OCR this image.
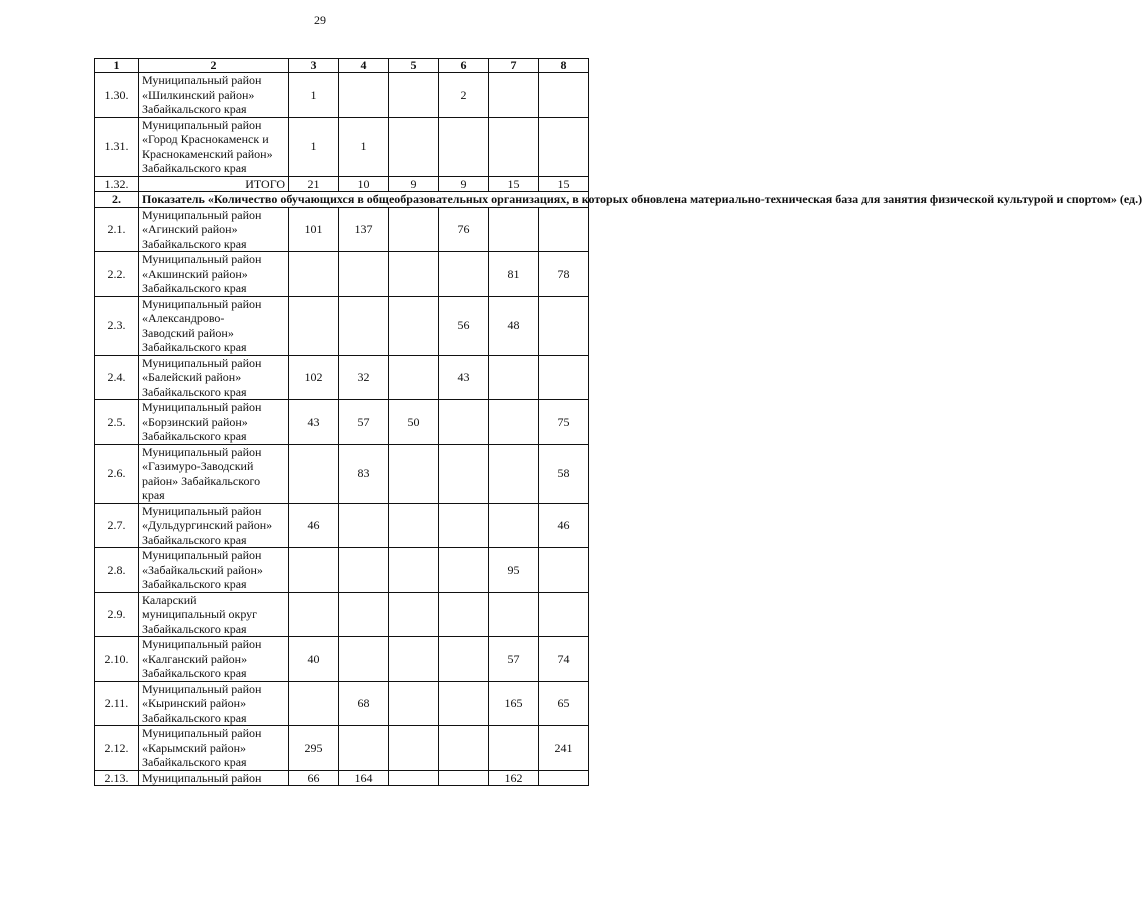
29
1	2	3	4	5	6	7	8
1.30.	Муниципальный район
«Шилкинский район»
Забайкальского края	1			2		
1.31.	Муниципальный район
«Город Краснокаменск и
Краснокаменский район»
Забайкальского края	1	1				
1.32.	ИТОГО	21	10	9	9	15	15
2.	Показатель «Количество обучающихся в общеобразовательных организациях, в которых обновлена материально-техническая база для занятия физической культурой и спортом» (ед.)						
2.1.	Муниципальный район
«Агинский район»
Забайкальского края	101	137		76		
2.2.	Муниципальный район
«Акшинский район»
Забайкальского края					81	78
2.3.	Муниципальный район
«Александрово-
Заводский район»
Забайкальского края				56	48	
2.4.	Муниципальный район
«Балейский район»
Забайкальского края	102	32		43		
2.5.	Муниципальный район
«Борзинский район»
Забайкальского края	43	57	50			75
2.6.	Муниципальный район
«Газимуро-Заводский
район» Забайкальского
края		83				58
2.7.	Муниципальный район
«Дульдургинский район»
Забайкальского края	46					46
2.8.	Муниципальный район
«Забайкальский район»
Забайкальского края					95	
2.9.	Каларский
муниципальный округ
Забайкальского края						

2.10.	Муниципальный район
«Калганский район»
Забайкальского края	40				57	74
2.11.	Муниципальный район
«Кыринский район»
Забайкальского края		68			165	65
2.12.	Муниципальный район
«Карымский район»
Забайкальского края	295					241
2.13.	Муниципальный район	66	164			162	
